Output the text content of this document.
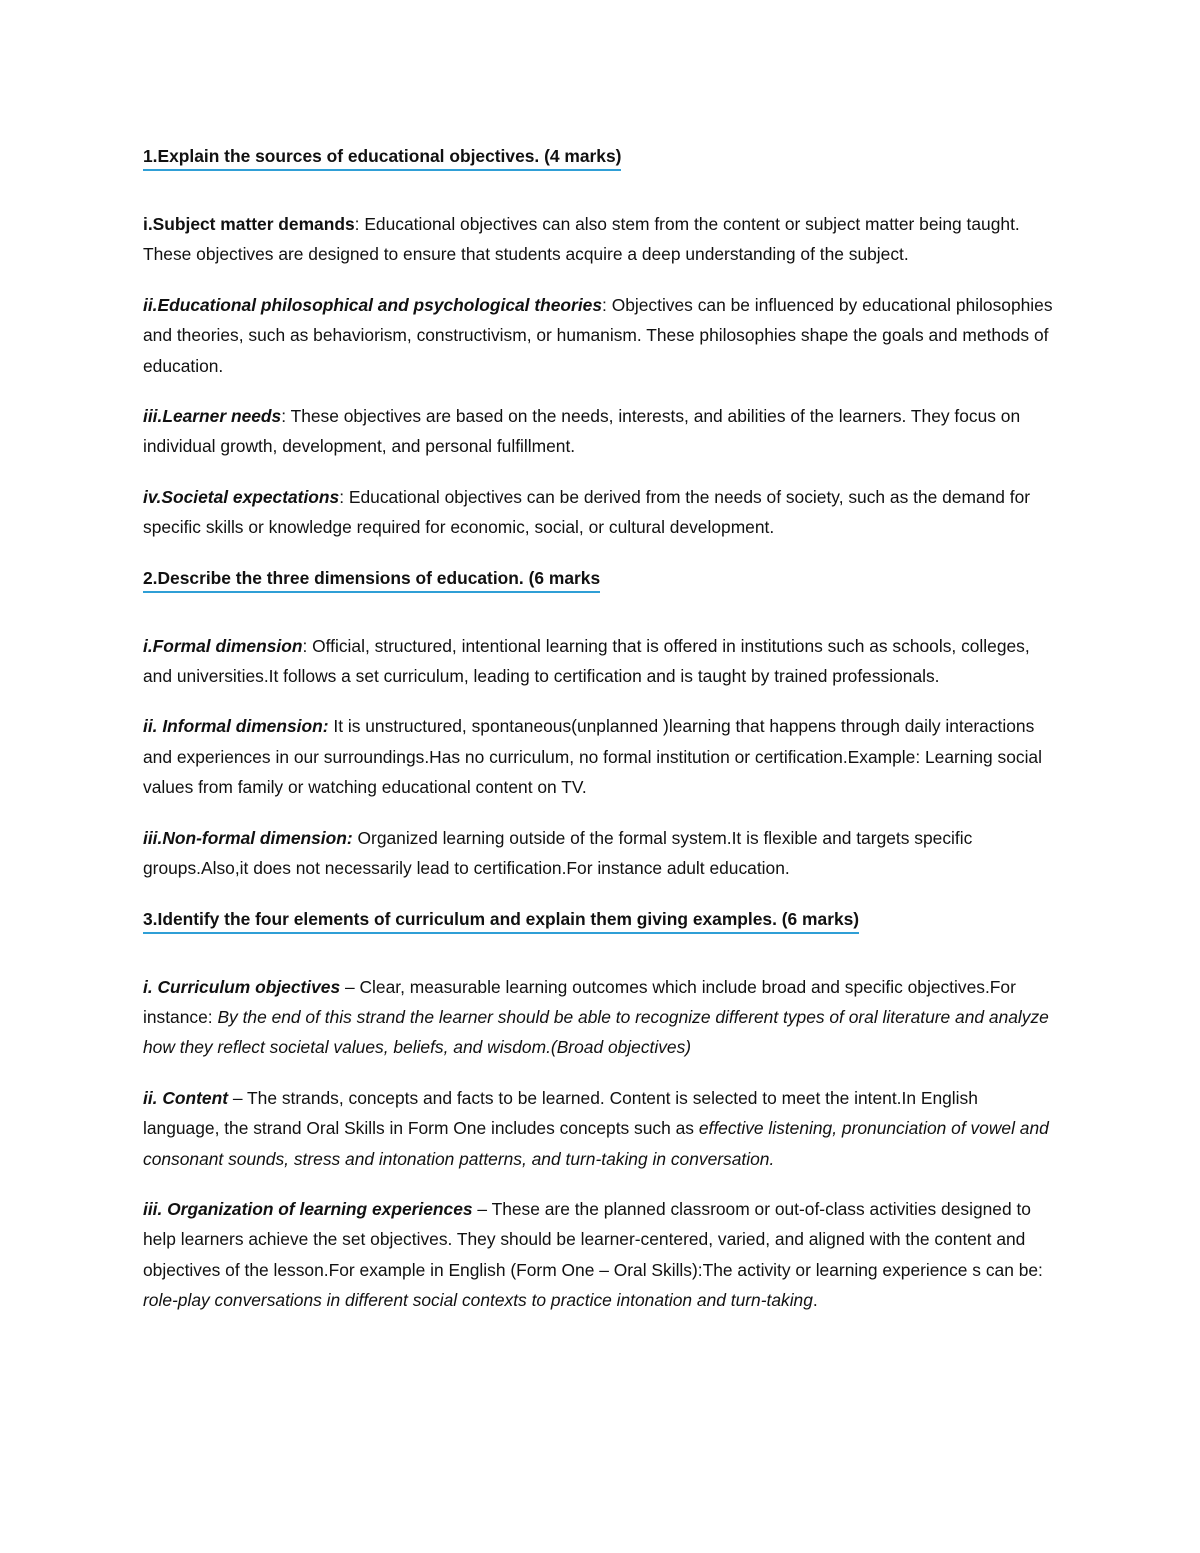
1.Explain the sources of educational objectives. (4 marks)

i.Subject matter demands: Educational objectives can also stem from the content or subject matter being taught. These objectives are designed to ensure that students acquire a deep understanding of the subject.

ii.Educational philosophical and psychological theories: Objectives can be influenced by educational philosophies and theories, such as behaviorism, constructivism, or humanism. These philosophies shape the goals and methods of education.

iii.Learner needs: These objectives are based on the needs, interests, and abilities of the learners. They focus on individual growth, development, and personal fulfillment.

iv.Societal expectations: Educational objectives can be derived from the needs of society, such as the demand for specific skills or knowledge required for economic, social, or cultural development.

2.Describe the three dimensions of education. (6 marks

i.Formal dimension: Official, structured, intentional learning that is offered in institutions such as schools, colleges, and universities.It follows a set curriculum, leading to certification and is taught by trained professionals.

ii. Informal dimension: It is unstructured, spontaneous(unplanned )learning that happens through daily interactions and experiences in our surroundings.Has no curriculum, no formal institution or certification.Example: Learning social values from family or watching educational content on TV.

iii.Non-formal dimension: Organized learning outside of the formal system.It is flexible and targets specific groups.Also,it does not necessarily lead to certification.For instance adult education.

3.Identify the four elements of curriculum and explain them giving examples. (6 marks)

i. Curriculum objectives – Clear, measurable learning outcomes which include broad and specific objectives.For instance: By the end of this strand the learner should be able to recognize different types of oral literature and analyze how they reflect societal values, beliefs, and wisdom.(Broad objectives)

ii. Content – The strands, concepts and facts to be learned. Content is selected to meet the intent.In English language, the strand Oral Skills in Form One includes concepts such as effective listening, pronunciation of vowel and consonant sounds, stress and intonation patterns, and turn-taking in conversation.

iii. Organization of learning experiences – These are the planned classroom or out-of-class activities designed to help learners achieve the set objectives. They should be learner-centered, varied, and aligned with the content and objectives of the lesson.For example in English (Form One – Oral Skills):The activity or learning experience s can be: role-play conversations in different social contexts to practice intonation and turn-taking.
